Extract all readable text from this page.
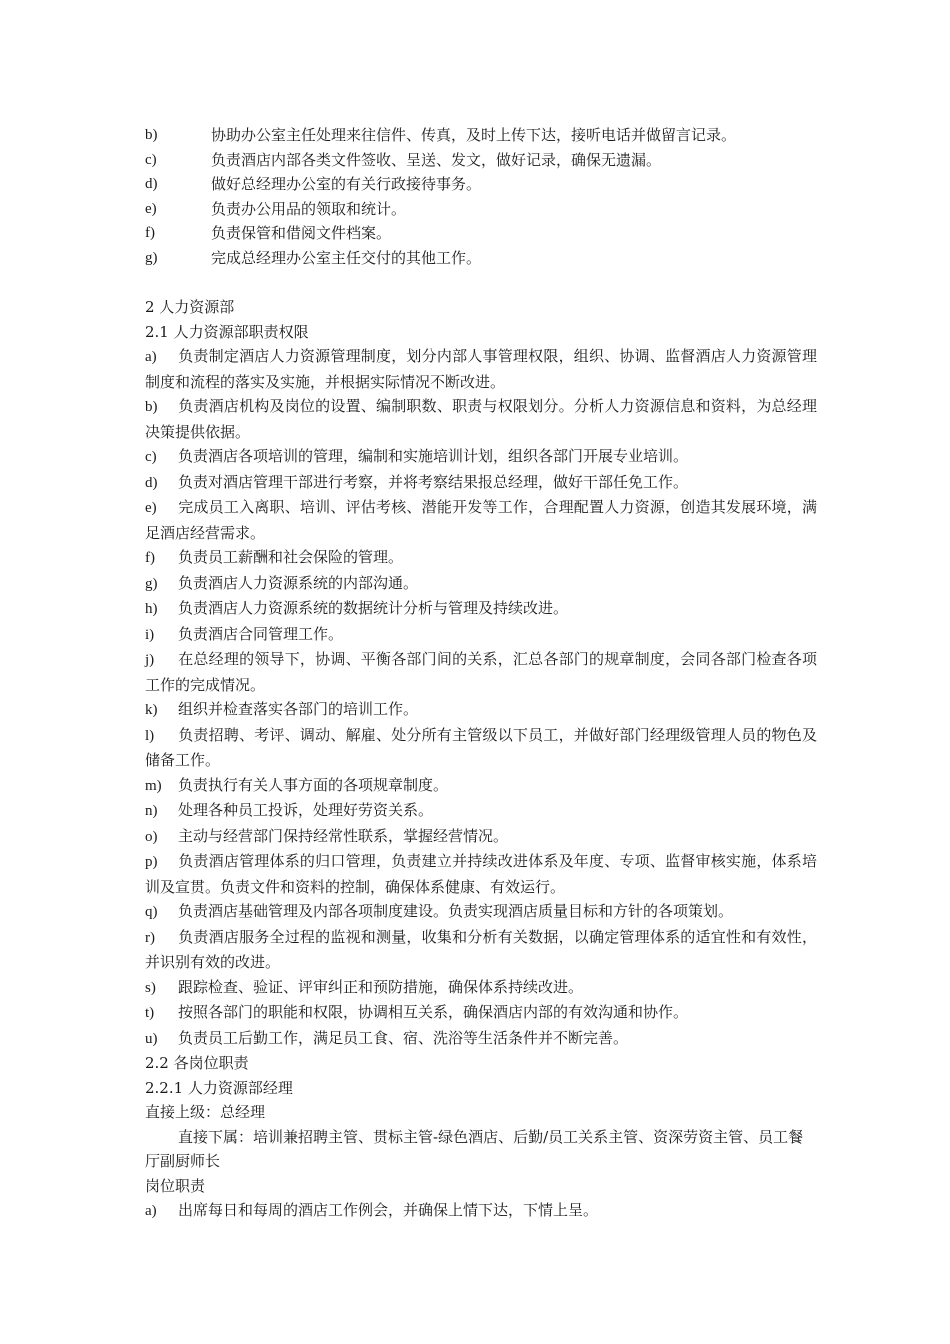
b)	协助办公室主任处理来往信件、传真，及时上传下达，接听电话并做留言记录。
c)	负责酒店内部各类文件签收、呈送、发文，做好记录，确保无遗漏。
d)	做好总经理办公室的有关行政接待事务。
e)	负责办公用品的领取和统计。
f)	负责保管和借阅文件档案。
g)	完成总经理办公室主任交付的其他工作。

2 人力资源部

2.1 人力资源部职责权限

a) 负责制定酒店人力资源管理制度，划分内部人事管理权限，组织、协调、监督酒店人力资源管理制度和流程的落实及实施，并根据实际情况不断改进。
b) 负责酒店机构及岗位的设置、编制职数、职责与权限划分。分析人力资源信息和资料，为总经理决策提供依据。
c) 负责酒店各项培训的管理，编制和实施培训计划，组织各部门开展专业培训。
d) 负责对酒店管理干部进行考察，并将考察结果报总经理，做好干部任免工作。
e) 完成员工入离职、培训、评估考核、潜能开发等工作，合理配置人力资源，创造其发展环境，满足酒店经营需求。
f) 负责员工薪酬和社会保险的管理。
g) 负责酒店人力资源系统的内部沟通。
h) 负责酒店人力资源系统的数据统计分析与管理及持续改进。
i) 负责酒店合同管理工作。
j) 在总经理的领导下，协调、平衡各部门间的关系，汇总各部门的规章制度，会同各部门检查各项工作的完成情况。
k) 组织并检查落实各部门的培训工作。
l) 负责招聘、考评、调动、解雇、处分所有主管级以下员工，并做好部门经理级管理人员的物色及储备工作。
m) 负责执行有关人事方面的各项规章制度。
n) 处理各种员工投诉，处理好劳资关系。
o) 主动与经营部门保持经常性联系，掌握经营情况。
p) 负责酒店管理体系的归口管理，负责建立并持续改进体系及年度、专项、监督审核实施，体系培训及宣贯。负责文件和资料的控制，确保体系健康、有效运行。
q) 负责酒店基础管理及内部各项制度建设。负责实现酒店质量目标和方针的各项策划。
r) 负责酒店服务全过程的监视和测量，收集和分析有关数据，以确定管理体系的适宜性和有效性，并识别有效的改进。
s) 跟踪检查、验证、评审纠正和预防措施，确保体系持续改进。
t) 按照各部门的职能和权限，协调相互关系，确保酒店内部的有效沟通和协作。
u) 负责员工后勤工作，满足员工食、宿、洗浴等生活条件并不断完善。

2.2 各岗位职责

2.2.1 人力资源部经理

直接上级：总经理

直接下属：培训兼招聘主管、贯标主管-绿色酒店、后勤/员工关系主管、资深劳资主管、员工餐厅副厨师长

岗位职责

a) 出席每日和每周的酒店工作例会，并确保上情下达，下情上呈。
